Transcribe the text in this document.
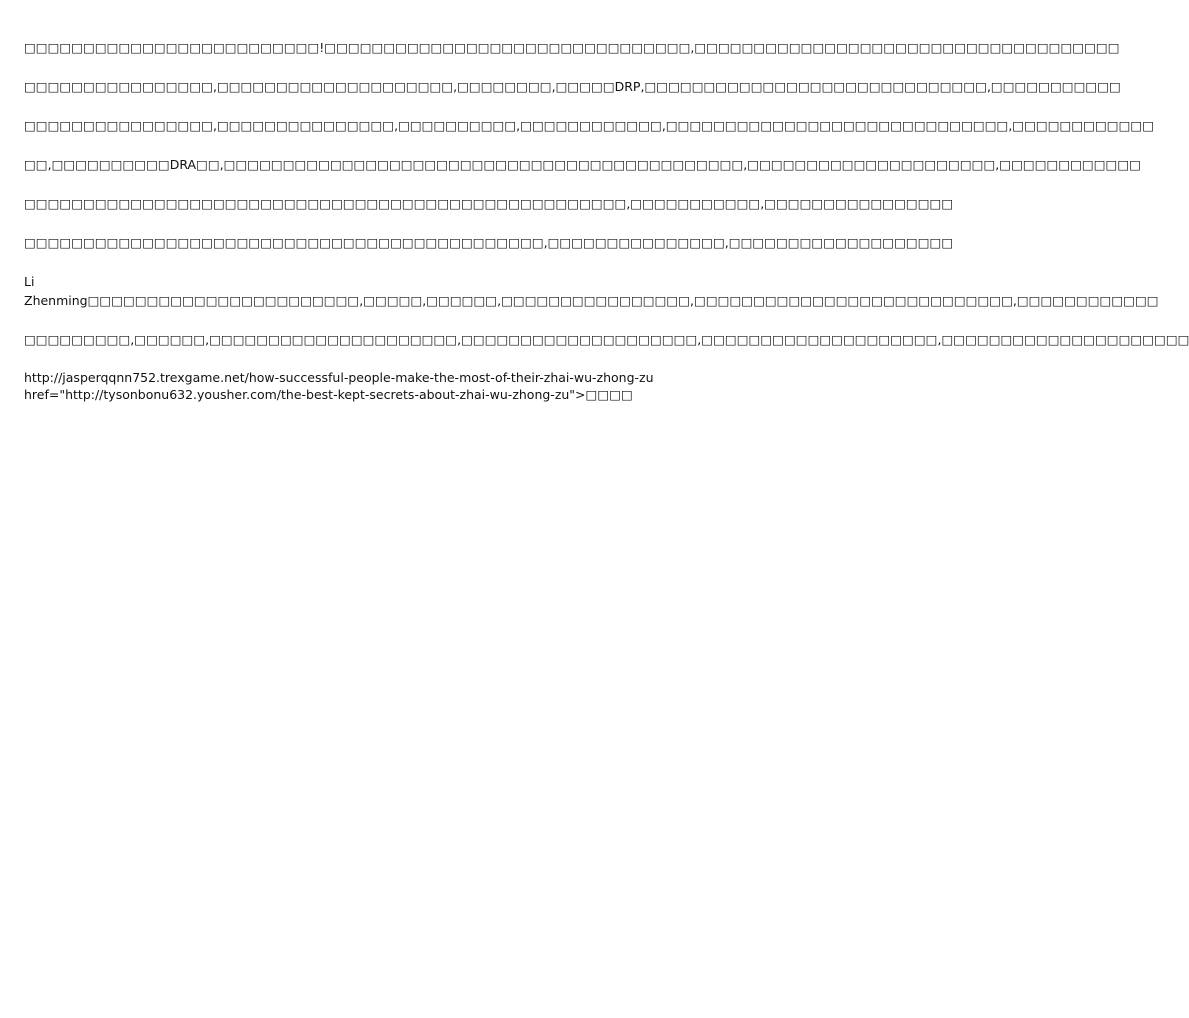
□□□□□□□□□□□□□□□□□□□□□□□□□!□□□□□□□□□□□□□□□□□□□□□□□□□□□□□□□,□□□□□□□□□□□□□□□□□□□□□□□□□□□□□□□□□□□□

□□□□□□□□□□□□□□□□,□□□□□□□□□□□□□□□□□□□□,□□□□□□□□,□□□□□DRP,□□□□□□□□□□□□□□□□□□□□□□□□□□□□□,□□□□□□□□□□□

□□□□□□□□□□□□□□□□,□□□□□□□□□□□□□□□,□□□□□□□□□□,□□□□□□□□□□□□,□□□□□□□□□□□□□□□□□□□□□□□□□□□□□,□□□□□□□□□□□□

□□,□□□□□□□□□□DRA□□,□□□□□□□□□□□□□□□□□□□□□□□□□□□□□□□□□□□□□□□□□□□□,□□□□□□□□□□□□□□□□□□□□□,□□□□□□□□□□□□

□□□□□□□□□□□□□□□□□□□□□□□□□□□□□□□□□□□□□□□□□□□□□□□□□□□,□□□□□□□□□□□,□□□□□□□□□□□□□□□□

□□□□□□□□□□□□□□□□□□□□□□□□□□□□□□□□□□□□□□□□□□□□,□□□□□□□□□□□□□□□,□□□□□□□□□□□□□□□□□□□

Li
Zhenming□□□□□□□□□□□□□□□□□□□□□□□,□□□□□,□□□□□□,□□□□□□□□□□□□□□□□,□□□□□□□□□□□□□□□□□□□□□□□□□□□,□□□□□□□□□□□□

□□□□□□□□□,□□□□□□,□□□□□□□□□□□□□□□□□□□□□,□□□□□□□□□□□□□□□□□□□□,□□□□□□□□□□□□□□□□□□□□,□□□□□□□□□□□□□□□□□□□□□

http://jasperqqnn752.trexgame.net/how-successful-people-make-the-most-of-their-zhai-wu-zhong-zu
href="http://tysonbonu632.yousher.com/the-best-kept-secrets-about-zhai-wu-zhong-zu">□□□□
